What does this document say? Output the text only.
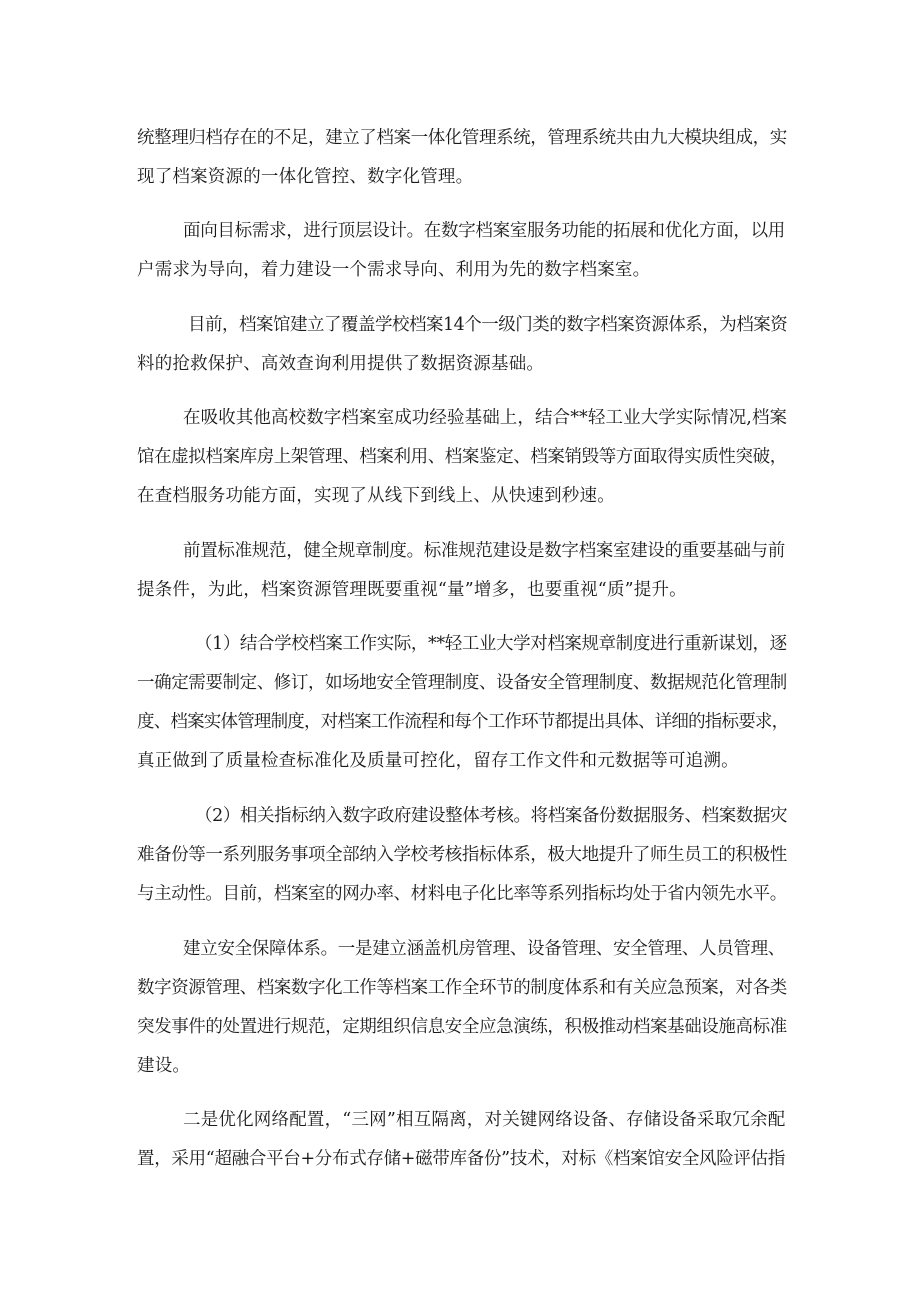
统整理归档存在的不足，建立了档案一体化管理系统，管理系统共由九大模块组成，实
现了档案资源的一体化管控、数字化管理。
面向目标需求，进行顶层设计。在数字档案室服务功能的拓展和优化方面，以用
户需求为导向，着力建设一个需求导向、利用为先的数字档案室。
目前，档案馆建立了覆盖学校档案14个一级门类的数字档案资源体系，为档案资
料的抢救保护、高效查询利用提供了数据资源基础。
在吸收其他高校数字档案室成功经验基础上，结合**轻工业大学实际情况,档案
馆在虚拟档案库房上架管理、档案利用、档案鉴定、档案销毁等方面取得实质性突破，
在查档服务功能方面，实现了从线下到线上、从快速到秒速。
前置标准规范，健全规章制度。标准规范建设是数字档案室建设的重要基础与前
提条件，为此，档案资源管理既要重视“量”增多，也要重视“质”提升。
（1）结合学校档案工作实际，**轻工业大学对档案规章制度进行重新谋划，逐
一确定需要制定、修订，如场地安全管理制度、设备安全管理制度、数据规范化管理制
度、档案实体管理制度，对档案工作流程和每个工作环节都提出具体、详细的指标要求，
真正做到了质量检查标准化及质量可控化，留存工作文件和元数据等可追溯。
（2）相关指标纳入数字政府建设整体考核。将档案备份数据服务、档案数据灾
难备份等一系列服务事项全部纳入学校考核指标体系，极大地提升了师生员工的积极性
与主动性。目前，档案室的网办率、材料电子化比率等系列指标均处于省内领先水平。
建立安全保障体系。一是建立涵盖机房管理、设备管理、安全管理、人员管理、
数字资源管理、档案数字化工作等档案工作全环节的制度体系和有关应急预案，对各类
突发事件的处置进行规范，定期组织信息安全应急演练，积极推动档案基础设施高标准
建设。
二是优化网络配置，“三网”相互隔离，对关键网络设备、存储设备采取冗余配
置，采用“超融合平台+分布式存储+磁带库备份”技术，对标《档案馆安全风险评估指
